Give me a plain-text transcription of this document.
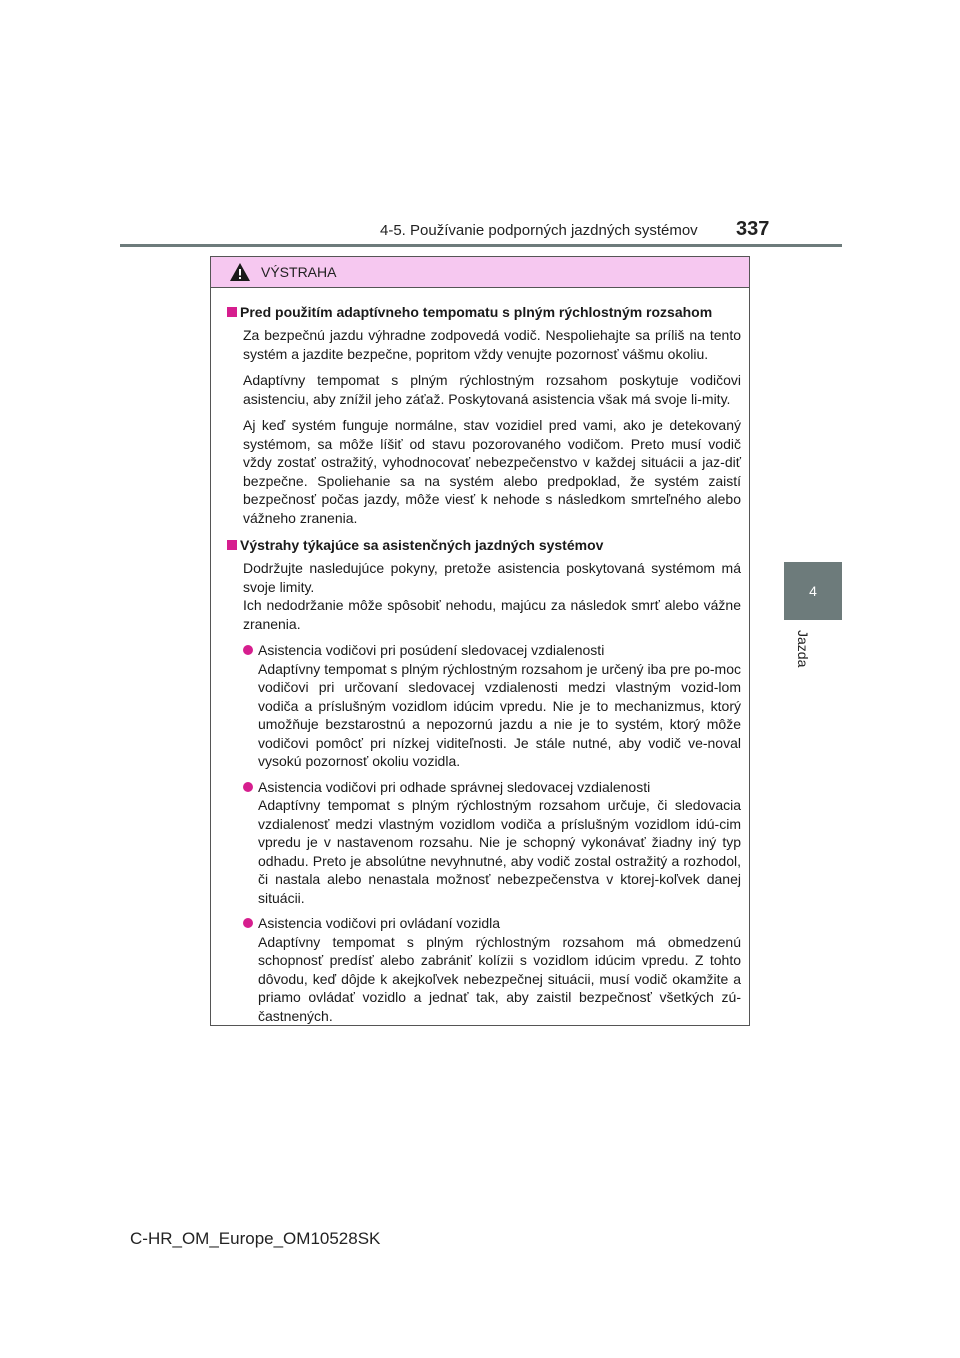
4-5. Používanie podporných jazdných systémov 337
4
Jazda
VÝSTRAHA
Pred použitím adaptívneho tempomatu s plným rýchlostným rozsahom

Za bezpečnú jazdu výhradne zodpovedá vodič. Nespoliehajte sa príliš na tento systém a jazdite bezpečne, popritom vždy venujte pozornosť vášmu okoliu.

Adaptívny tempomat s plným rýchlostným rozsahom poskytuje vodičovi asistenciu, aby znížil jeho záťaž. Poskytovaná asistencia však má svoje li-mity.

Aj keď systém funguje normálne, stav vozidiel pred vami, ako je detekovaný systémom, sa môže líšiť od stavu pozorovaného vodičom. Preto musí vodič vždy zostať ostražitý, vyhodnocovať nebezpečenstvo v každej situácii a jaz-diť bezpečne. Spoliehanie sa na systém alebo predpoklad, že systém zaistí bezpečnosť počas jazdy, môže viesť k nehode s následkom smrteľného alebo vážneho zranenia.

Výstrahy týkajúce sa asistenčných jazdných systémov

Dodržujte nasledujúce pokyny, pretože asistencia poskytovaná systémom má svoje limity.

Ich nedodržanie môže spôsobiť nehodu, majúcu za následok smrť alebo vážne zranenia.

Asistencia vodičovi pri posúdení sledovacej vzdialenosti
Adaptívny tempomat s plným rýchlostným rozsahom je určený iba pre po-moc vodičovi pri určovaní sledovacej vzdialenosti medzi vlastným vozid-lom vodiča a príslušným vozidlom idúcim vpredu. Nie je to mechanizmus, ktorý umožňuje bezstarostnú a nepozornú jazdu a nie je to systém, ktorý môže vodičovi pomôcť pri nízkej viditeľnosti. Je stále nutné, aby vodič ve-noval vysokú pozornosť okoliu vozidla.
Asistencia vodičovi pri odhade správnej sledovacej vzdialenosti
Adaptívny tempomat s plným rýchlostným rozsahom určuje, či sledovacia vzdialenosť medzi vlastným vozidlom vodiča a príslušným vozidlom idú-cim vpredu je v nastavenom rozsahu. Nie je schopný vykonávať žiadny iný typ odhadu. Preto je absolútne nevyhnutné, aby vodič zostal ostražitý a rozhodol, či nastala alebo nenastala možnosť nebezpečenstva v ktorej-koľvek danej situácii.
Asistencia vodičovi pri ovládaní vozidla
Adaptívny tempomat s plným rýchlostným rozsahom má obmedzenú schopnosť predísť alebo zabrániť kolízii s vozidlom idúcim vpredu. Z tohto dôvodu, keď dôjde k akejkoľvek nebezpečnej situácii, musí vodič okamžite a priamo ovládať vozidlo a jednať tak, aby zaistil bezpečnosť všetkých zú-častnených.
C-HR_OM_Europe_OM10528SK
